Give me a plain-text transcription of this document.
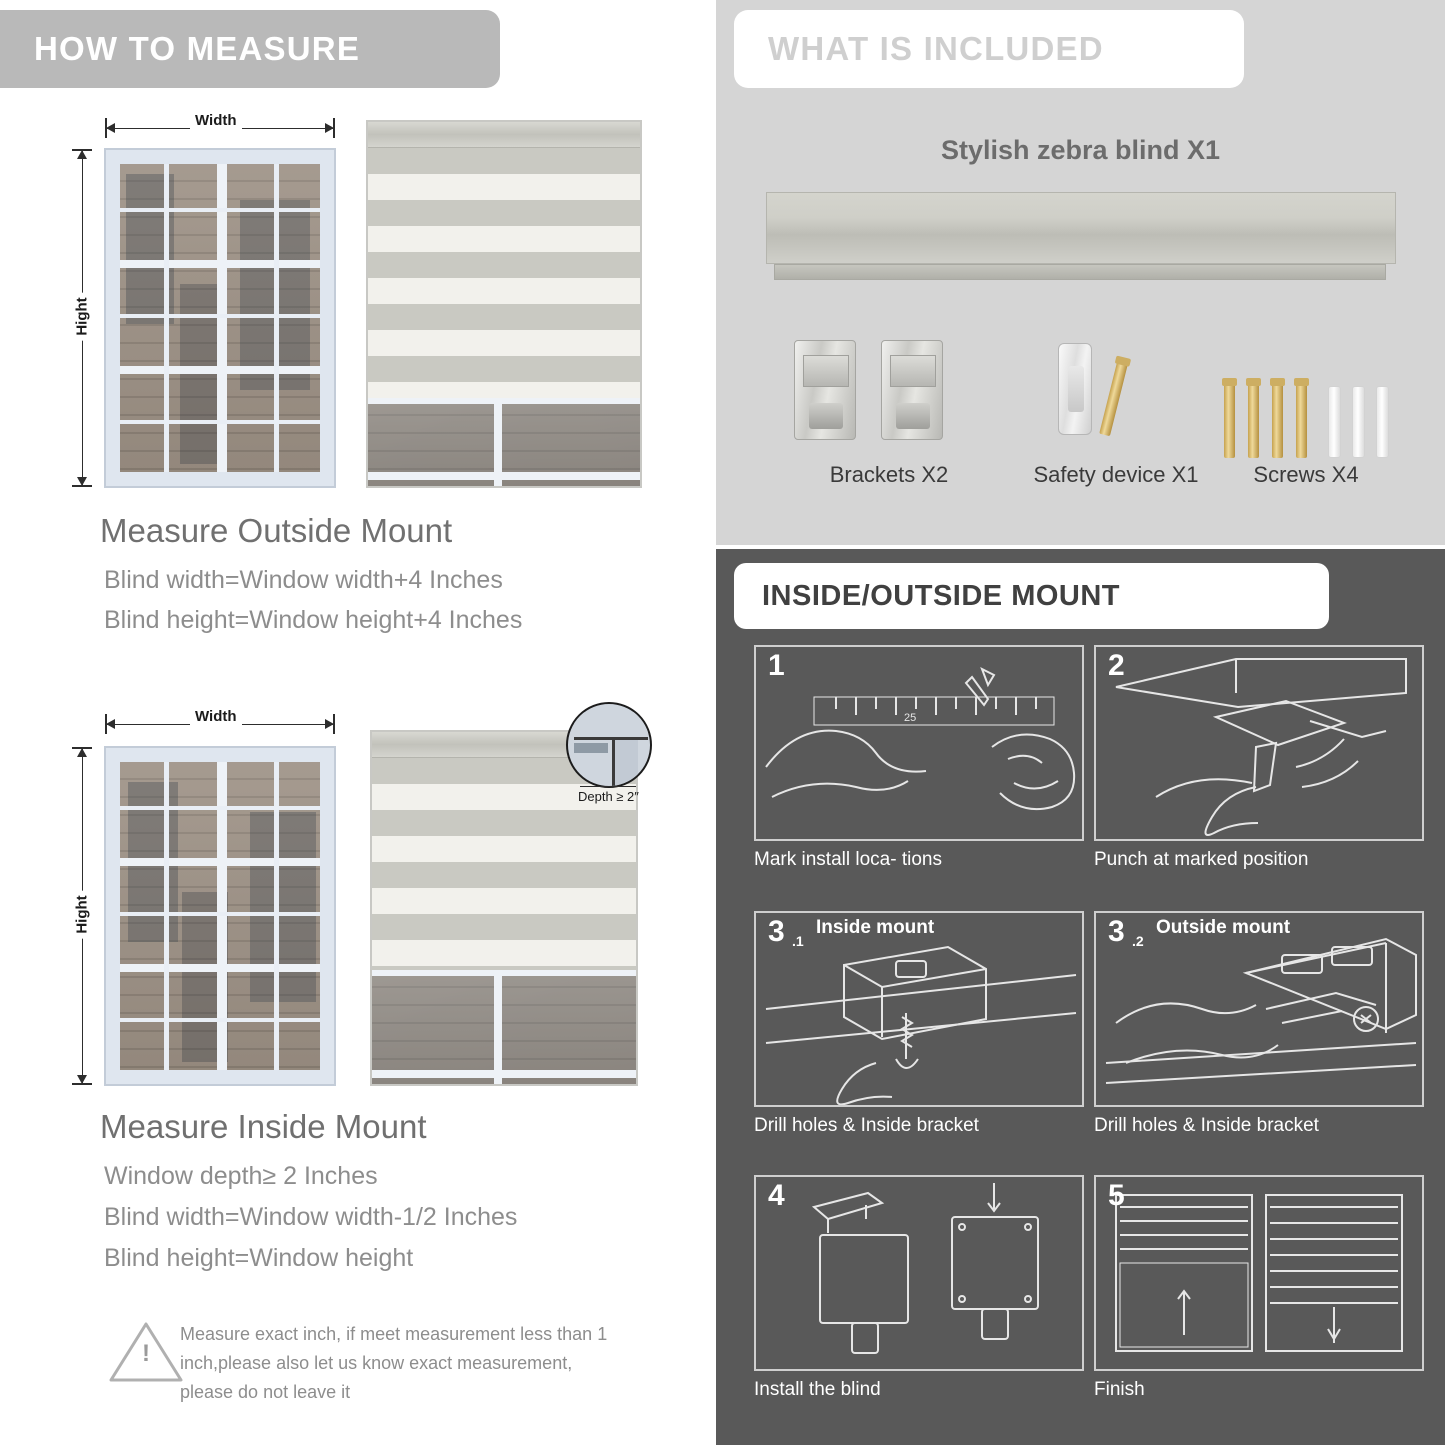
HOW TO MEASURE
Width
Hight
Measure Outside Mount
Blind width=Window width+4 Inches
Blind height=Window height+4 Inches
Width
Hight
Depth ≥ 2″
Measure Inside Mount
Window depth≥ 2 Inches
Blind width=Window width-1/2 Inches
Blind height=Window height
!
Measure exact inch, if meet measurement less than 1 inch,please also let us know exact measurement, please do not leave it
WHAT IS INCLUDED
Stylish zebra blind X1
Brackets X2	Safety device X1	Screws X4
INSIDE/OUTSIDE MOUNT
25
1
Mark install loca- tions
2
Punch at marked position
3 .1
Inside mount
Drill holes & Inside bracket
3 .2
Outside mount
Drill holes & Inside bracket
4
Install the blind
5
Finish
